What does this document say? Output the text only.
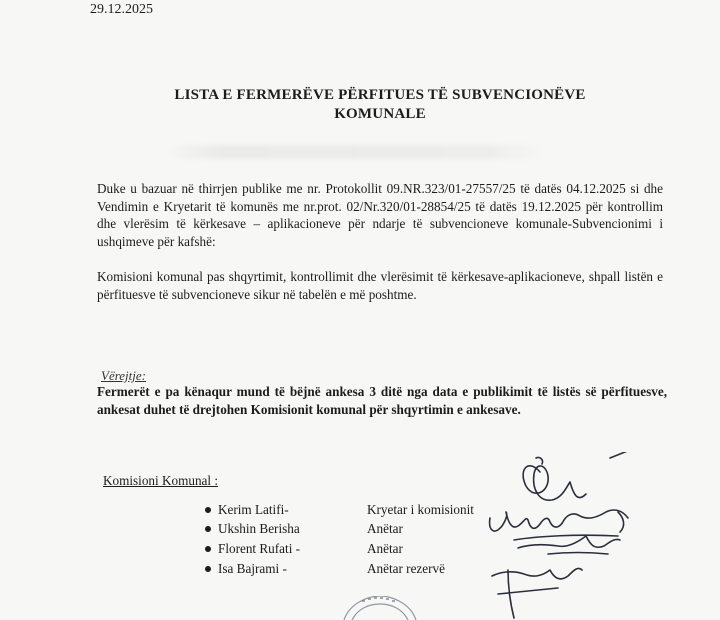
29.12.2025
LISTA E FERMERËVE PËRFITUES TË SUBVENCIONËVE
KOMUNALE
Duke u bazuar në thirrjen publike me nr. Protokollit 09.NR.323/01-27557/25 të datës 04.12.2025 si dhe Vendimin e Kryetarit të komunës me nr.prot. 02/Nr.320/01-28854/25 të datës 19.12.2025 për kontrollim dhe vlerësim të kërkesave – aplikacioneve për ndarje të subvencioneve komunale-Subvencionimi i ushqimeve për kafshë:
Komisioni komunal pas shqyrtimit, kontrollimit dhe vlerësimit të kërkesave-aplikacioneve, shpall listën e përfituesve të subvencioneve sikur në tabelën e më poshtme.
Vërejtje:
Fermerët e pa kënaqur mund të bëjnë ankesa 3 ditë nga data e publikimit të listës së përfituesve, ankesat duhet të drejtohen Komisionit komunal për shqyrtimin e ankesave.
Komisioni Komunal :
Kerim Latifi-	Kryetar i komisionit
Ukshin Berisha	Anëtar
Florent Rufati -	Anëtar
Isa Bajrami -	Anëtar rezervë
